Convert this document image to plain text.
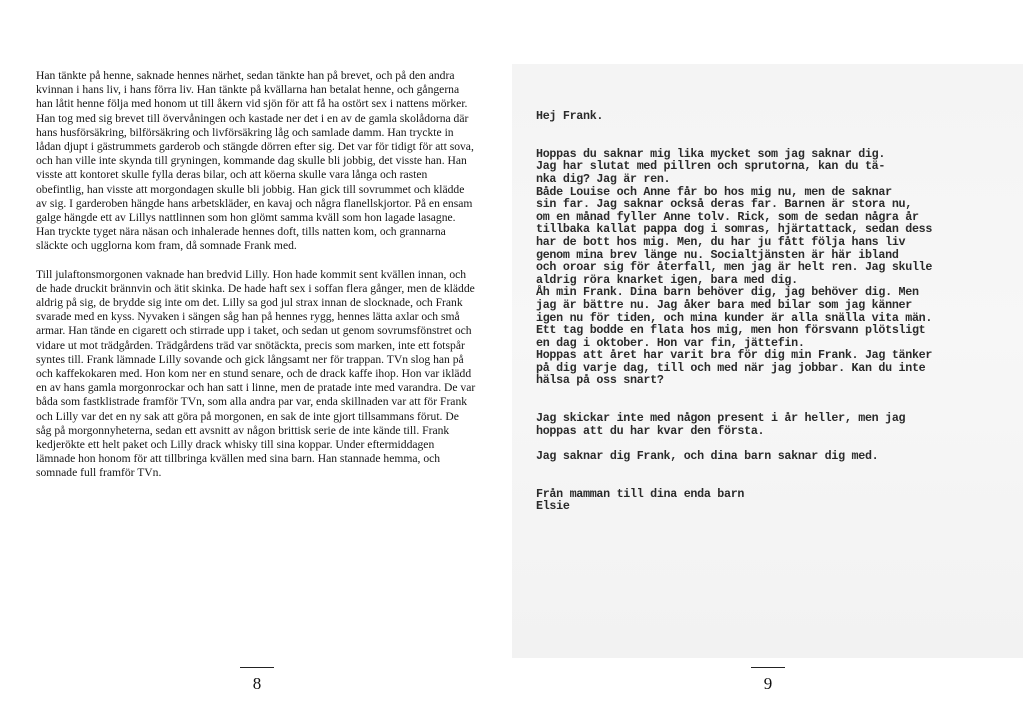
Han tänkte på henne, saknade hennes närhet, sedan tänkte han på brevet, och på den andra kvinnan i hans liv, i hans förra liv. Han tänkte på kvällarna han betalat henne, och gångerna han låtit henne följa med honom ut till åkern vid sjön för att få ha ostört sex i nattens mörker. Han tog med sig brevet till övervåningen och kastade ner det i en av de gamla skolådorna där hans husförsäkring, bilförsäkring och livförsäkring låg och samlade damm. Han tryckte in lådan djupt i gästrummets garderob och stängde dörren efter sig. Det var för tidigt för att sova, och han ville inte skynda till gryningen, kommande dag skulle bli jobbig, det visste han. Han visste att kontoret skulle fylla deras bilar, och att köerna skulle vara långa och rasten obefintlig, han visste att morgondagen skulle bli jobbig. Han gick till sovrummet och klädde av sig. I garderoben hängde hans arbetskläder, en kavaj och några flanellskjortor. På en ensam galge hängde ett av Lillys nattlinnen som hon glömt samma kväll som hon lagade lasagne. Han tryckte tyget nära näsan och inhalerade hennes doft, tills natten kom, och grannarna släckte och ugglorna kom fram, då somnade Frank med.

Till julaftonsmorgonen vaknade han bredvid Lilly. Hon hade kommit sent kvällen innan, och de hade druckit brännvin och ätit skinka. De hade haft sex i soffan flera gånger, men de klädde aldrig på sig, de brydde sig inte om det. Lilly sa god jul strax innan de slocknade, och Frank svarade med en kyss. Nyvaken i sängen såg han på hennes rygg, hennes lätta axlar och små armar. Han tände en cigarett och stirrade upp i taket, och sedan ut genom sovrumsfönstret och vidare ut mot trädgården. Trädgårdens träd var snötäckta, precis som marken, inte ett fotspår syntes till. Frank lämnade Lilly sovande och gick långsamt ner för trappan. TVn slog han på och kaffekokaren med. Hon kom ner en stund senare, och de drack kaffe ihop. Hon var iklädd en av hans gamla morgonrockar och han satt i linne, men de pratade inte med varandra. De var båda som fastklistrade framför TVn, som alla andra par var, enda skillnaden var att för Frank och Lilly var det en ny sak att göra på morgonen, en sak de inte gjort tillsammans förut. De såg på morgonnyheterna, sedan ett avsnitt av någon brittisk serie de inte kände till. Frank kedjerökte ett helt paket och Lilly drack whisky till sina koppar. Under eftermiddagen lämnade hon honom för att tillbringa kvällen med sina barn. Han stannade hemma, och somnade full framför TVn.

8
Hej Frank.
Hoppas du saknar mig lika mycket som jag saknar dig.
Jag har slutat med pillren och sprutorna, kan du tä-
nka dig? Jag är ren.
Både Louise och Anne får bo hos mig nu, men de saknar
sin far. Jag saknar också deras far. Barnen är stora nu,
om en månad fyller Anne tolv. Rick, som de sedan några år
tillbaka kallat pappa dog i somras, hjärtattack, sedan dess
har de bott hos mig. Men, du har ju fått följa hans liv
genom mina brev länge nu. Socialtjänsten är här ibland
och oroar sig för återfall, men jag är helt ren. Jag skulle
aldrig röra knarket igen, bara med dig.
Åh min Frank. Dina barn behöver dig, jag behöver dig. Men
jag är bättre nu. Jag åker bara med bilar som jag känner
igen nu för tiden, och mina kunder är alla snälla vita män.
Ett tag bodde en flata hos mig, men hon försvann plötsligt
en dag i oktober. Hon var fin, jättefin.
Hoppas att året har varit bra för dig min Frank. Jag tänker
på dig varje dag, till och med när jag jobbar. Kan du inte
hälsa på oss snart?
Jag skickar inte med någon present i år heller, men jag
hoppas att du har kvar den första.
Jag saknar dig Frank, och dina barn saknar dig med.
Från mamman till dina enda barn
Elsie
9
